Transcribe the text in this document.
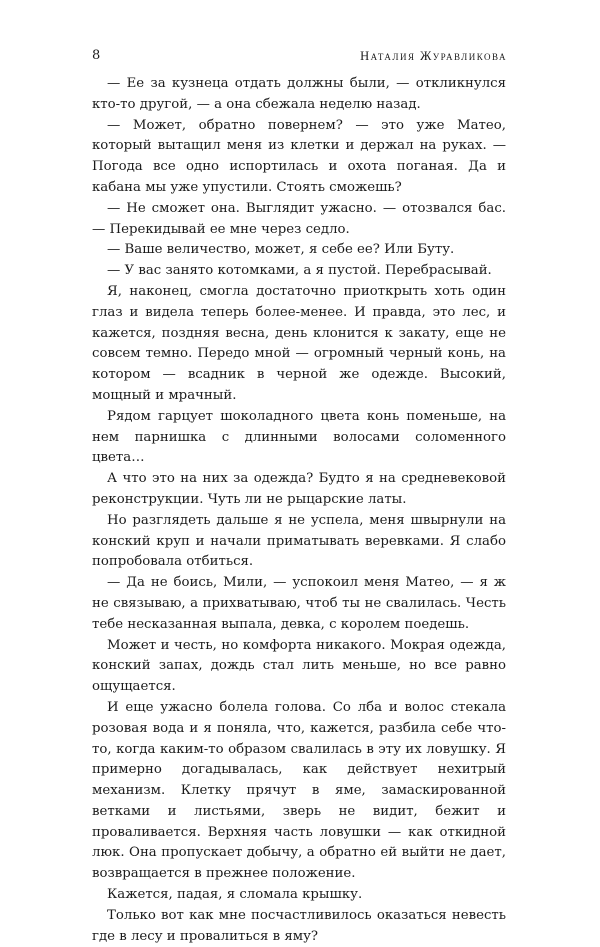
8	Наталия Журавликова

— Ее за кузнеца отдать должны были, — откликнулся кто-то другой, — а она сбежала неделю назад.

— Может, обратно повернем? — это уже Матео, который вытащил меня из клетки и держал на руках. — Погода все одно испортилась и охота поганая. Да и кабана мы уже упустили. Стоять сможешь?

— Не сможет она. Выглядит ужасно. — отозвался бас. — Перекидывай ее мне через седло.

— Ваше величество, может, я себе ее? Или Буту.

— У вас занято котомками, а я пустой. Перебрасывай.

Я, наконец, смогла достаточно приоткрыть хоть один глаз и видела теперь более-менее. И правда, это лес, и кажется, поздняя весна, день клонится к закату, еще не совсем темно. Передо мной — огромный черный конь, на котором — всадник в черной же одежде. Высокий, мощный и мрачный.

Рядом гарцует шоколадного цвета конь поменьше, на нем парнишка с длинными волосами соломенного цвета…

А что это на них за одежда? Будто я на средневековой реконструкции. Чуть ли не рыцарские латы.

Но разглядеть дальше я не успела, меня швырнули на конский круп и начали приматывать веревками. Я слабо попробовала отбиться.

— Да не боись, Мили, — успокоил меня Матео, — я ж не связываю, а прихватываю, чтоб ты не свалилась. Честь тебе несказанная выпала, девка, с королем поедешь.

Может и честь, но комфорта никакого. Мокрая одежда, конский запах, дождь стал лить меньше, но все равно ощущается.

И еще ужасно болела голова. Со лба и волос стекала розовая вода и я поняла, что, кажется, разбила себе что-то, когда каким-то образом свалилась в эту их ловушку. Я примерно догадывалась, как действует нехитрый механизм. Клетку прячут в яме, замаскированной ветками и листьями, зверь не видит, бежит и проваливается. Верхняя часть ловушки — как откидной люк. Она пропускает добычу, а обратно ей выйти не дает, возвращается в прежнее положение.

Кажется, падая, я сломала крышку.

Только вот как мне посчастливилось оказаться невесть где в лесу и провалиться в яму?
